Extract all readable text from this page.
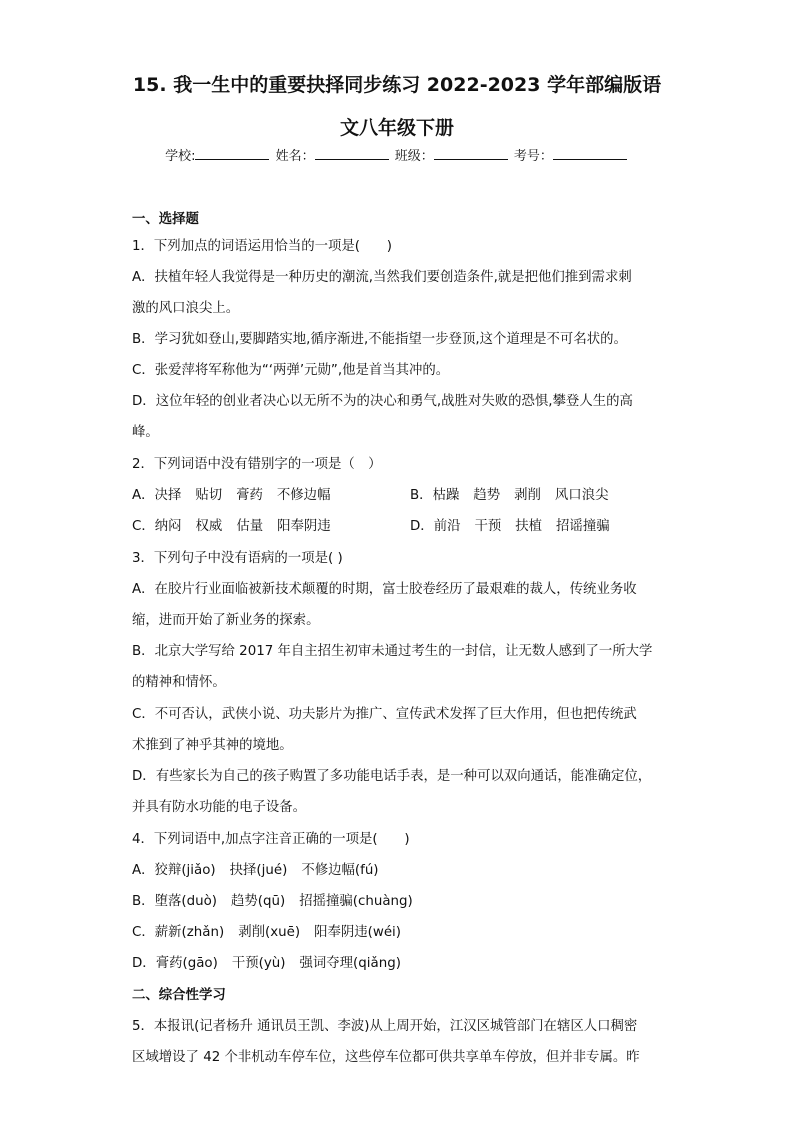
15. 我一生中的重要抉择同步练习 2022-2023 学年部编版语
文八年级下册
学校:	姓名：	班级：	考号：
一、选择题
1．下列加点的词语运用恰当的一项是(　　)
A．扶植年轻人我觉得是一种历史的潮流,当然我们要创造条件,就是把他们推到需求刺
激的风口浪尖上。
B．学习犹如登山,要脚踏实地,循序渐进,不能指望一步登顶,这个道理是不可名状的。
C．张爱萍将军称他为“‘两弹’元勋”,他是首当其冲的。
D．这位年轻的创业者决心以无所不为的决心和勇气,战胜对失败的恐惧,攀登人生的高
峰。
2．下列词语中没有错别字的一项是（　）
A．决择 贴切 膏药 不修边幅	B．枯躁 趋势 剥削 风口浪尖
C．纳闷 权威 估量 阳奉阴违	D．前沿 干预 扶植 招谣撞骗
3．下列句子中没有语病的一项是( )
A．在胶片行业面临被新技术颠覆的时期，富士胶卷经历了最艰难的裁人，传统业务收
缩，进而开始了新业务的探索。
B．北京大学写给 2017 年自主招生初审未通过考生的一封信，让无数人感到了一所大学
的精神和情怀。
C．不可否认，武侠小说、功夫影片为推广、宣传武术发挥了巨大作用，但也把传统武
术推到了神乎其神的境地。
D．有些家长为自己的孩子购置了多功能电话手表，是一种可以双向通话，能准确定位，
并具有防水功能的电子设备。
4．下列词语中,加点字注音正确的一项是(　　)
A．狡辩(jiǎo) 抉择(jué) 不修边幅(fú)
B．堕落(duò) 趋势(qū) 招摇撞骗(chuàng)
C．薪新(zhǎn) 剥削(xuē) 阳奉阴违(wéi)
D．膏药(gāo) 干预(yù) 强词夺理(qiǎng)
二、综合性学习
5．本报讯(记者杨升 通讯员王凯、李波)从上周开始，江汉区城管部门在辖区人口稠密
区域增设了 42 个非机动车停车位，这些停车位都可供共享单车停放，但并非专属。昨
